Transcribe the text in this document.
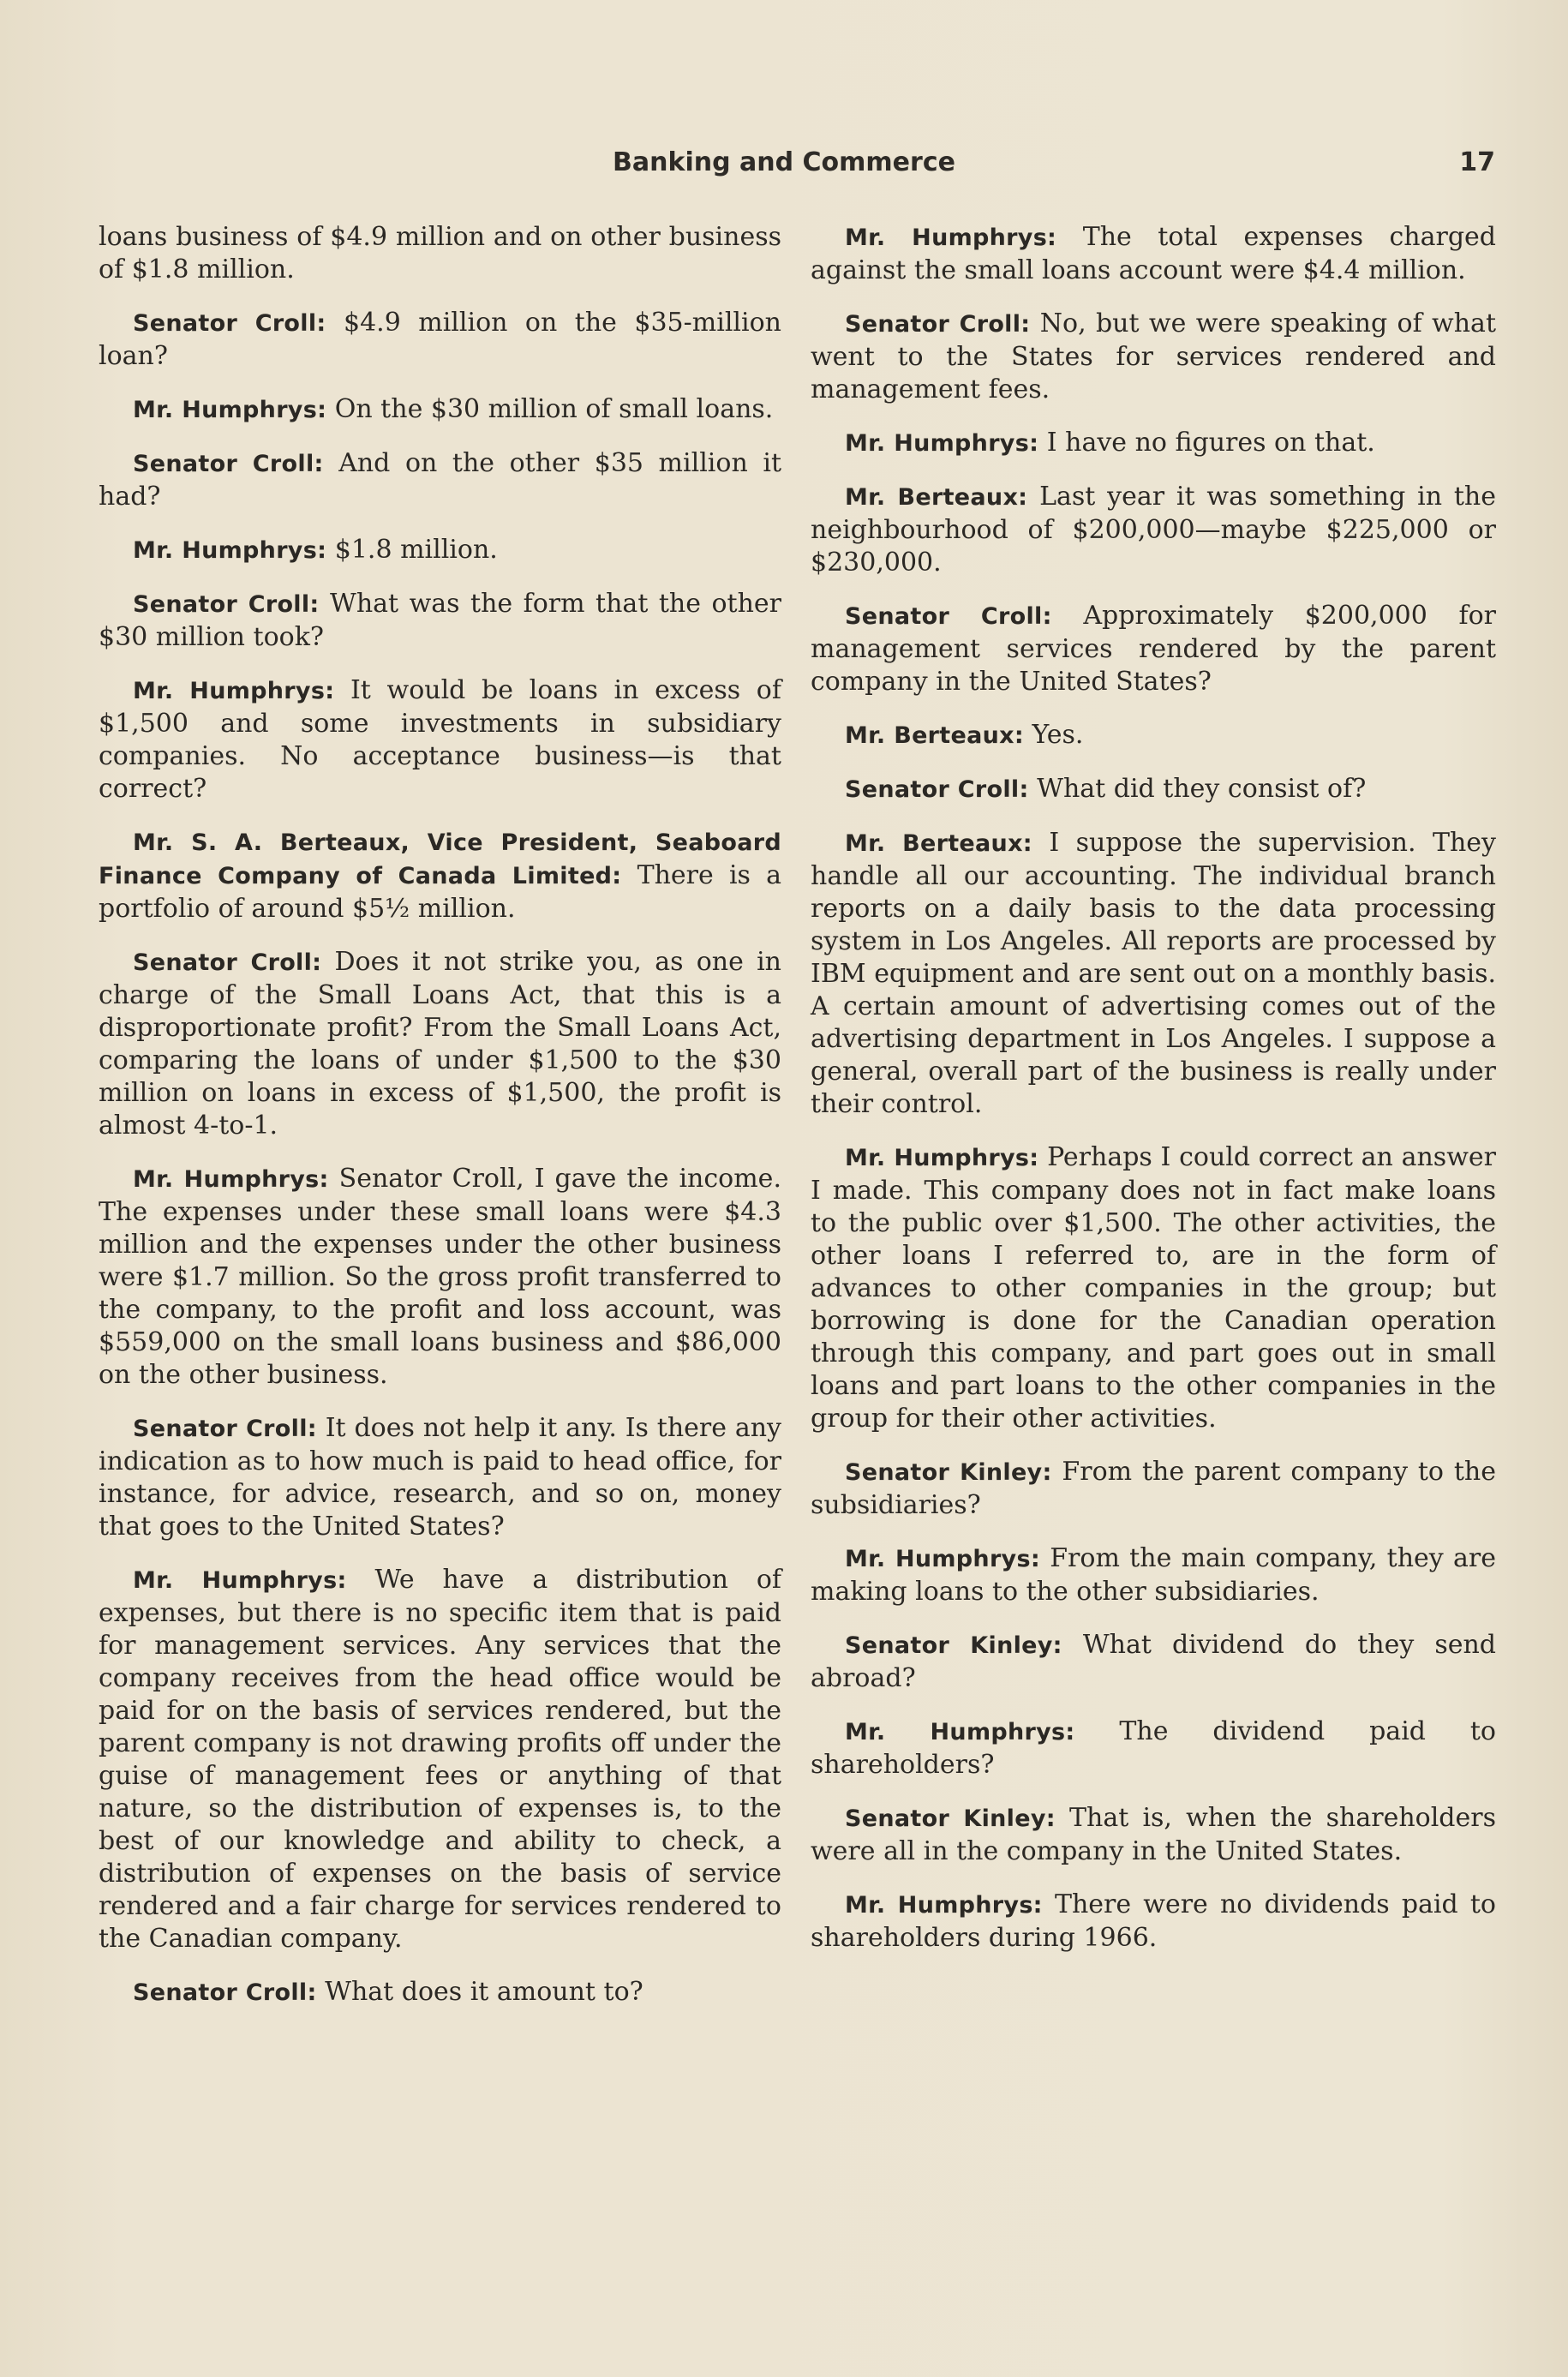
Banking and Commerce	17

loans business of $4.9 million and on other business of $1.8 million.

Senator Croll: $4.9 million on the $35-million loan?

Mr. Humphrys: On the $30 million of small loans.

Senator Croll: And on the other $35 million it had?

Mr. Humphrys: $1.8 million.

Senator Croll: What was the form that the other $30 million took?

Mr. Humphrys: It would be loans in excess of $1,500 and some investments in subsidiary companies. No acceptance business—is that correct?

Mr. S. A. Berteaux, Vice President, Seaboard Finance Company of Canada Limited: There is a portfolio of around $5½ million.

Senator Croll: Does it not strike you, as one in charge of the Small Loans Act, that this is a disproportionate profit? From the Small Loans Act, comparing the loans of under $1,500 to the $30 million on loans in excess of $1,500, the profit is almost 4-to-1.

Mr. Humphrys: Senator Croll, I gave the income. The expenses under these small loans were $4.3 million and the expenses under the other business were $1.7 million. So the gross profit transferred to the company, to the profit and loss account, was $559,000 on the small loans business and $86,000 on the other business.

Senator Croll: It does not help it any. Is there any indication as to how much is paid to head office, for instance, for advice, research, and so on, money that goes to the United States?

Mr. Humphrys: We have a distribution of expenses, but there is no specific item that is paid for management services. Any services that the company receives from the head office would be paid for on the basis of services rendered, but the parent company is not drawing profits off under the guise of management fees or anything of that nature, so the distribution of expenses is, to the best of our knowledge and ability to check, a distribution of expenses on the basis of service rendered and a fair charge for services rendered to the Canadian company.

Senator Croll: What does it amount to?

Mr. Humphrys: The total expenses charged against the small loans account were $4.4 million.

Senator Croll: No, but we were speaking of what went to the States for services rendered and management fees.

Mr. Humphrys: I have no figures on that.

Mr. Berteaux: Last year it was something in the neighbourhood of $200,000—maybe $225,000 or $230,000.

Senator Croll: Approximately $200,000 for management services rendered by the parent company in the United States?

Mr. Berteaux: Yes.

Senator Croll: What did they consist of?

Mr. Berteaux: I suppose the supervision. They handle all our accounting. The individual branch reports on a daily basis to the data processing system in Los Angeles. All reports are processed by IBM equipment and are sent out on a monthly basis. A certain amount of advertising comes out of the advertising department in Los Angeles. I suppose a general, overall part of the business is really under their control.

Mr. Humphrys: Perhaps I could correct an answer I made. This company does not in fact make loans to the public over $1,500. The other activities, the other loans I referred to, are in the form of advances to other companies in the group; but borrowing is done for the Canadian operation through this company, and part goes out in small loans and part loans to the other companies in the group for their other activities.

Senator Kinley: From the parent company to the subsidiaries?

Mr. Humphrys: From the main company, they are making loans to the other subsidiaries.

Senator Kinley: What dividend do they send abroad?

Mr. Humphrys: The dividend paid to shareholders?

Senator Kinley: That is, when the shareholders were all in the company in the United States.

Mr. Humphrys: There were no dividends paid to shareholders during 1966.
